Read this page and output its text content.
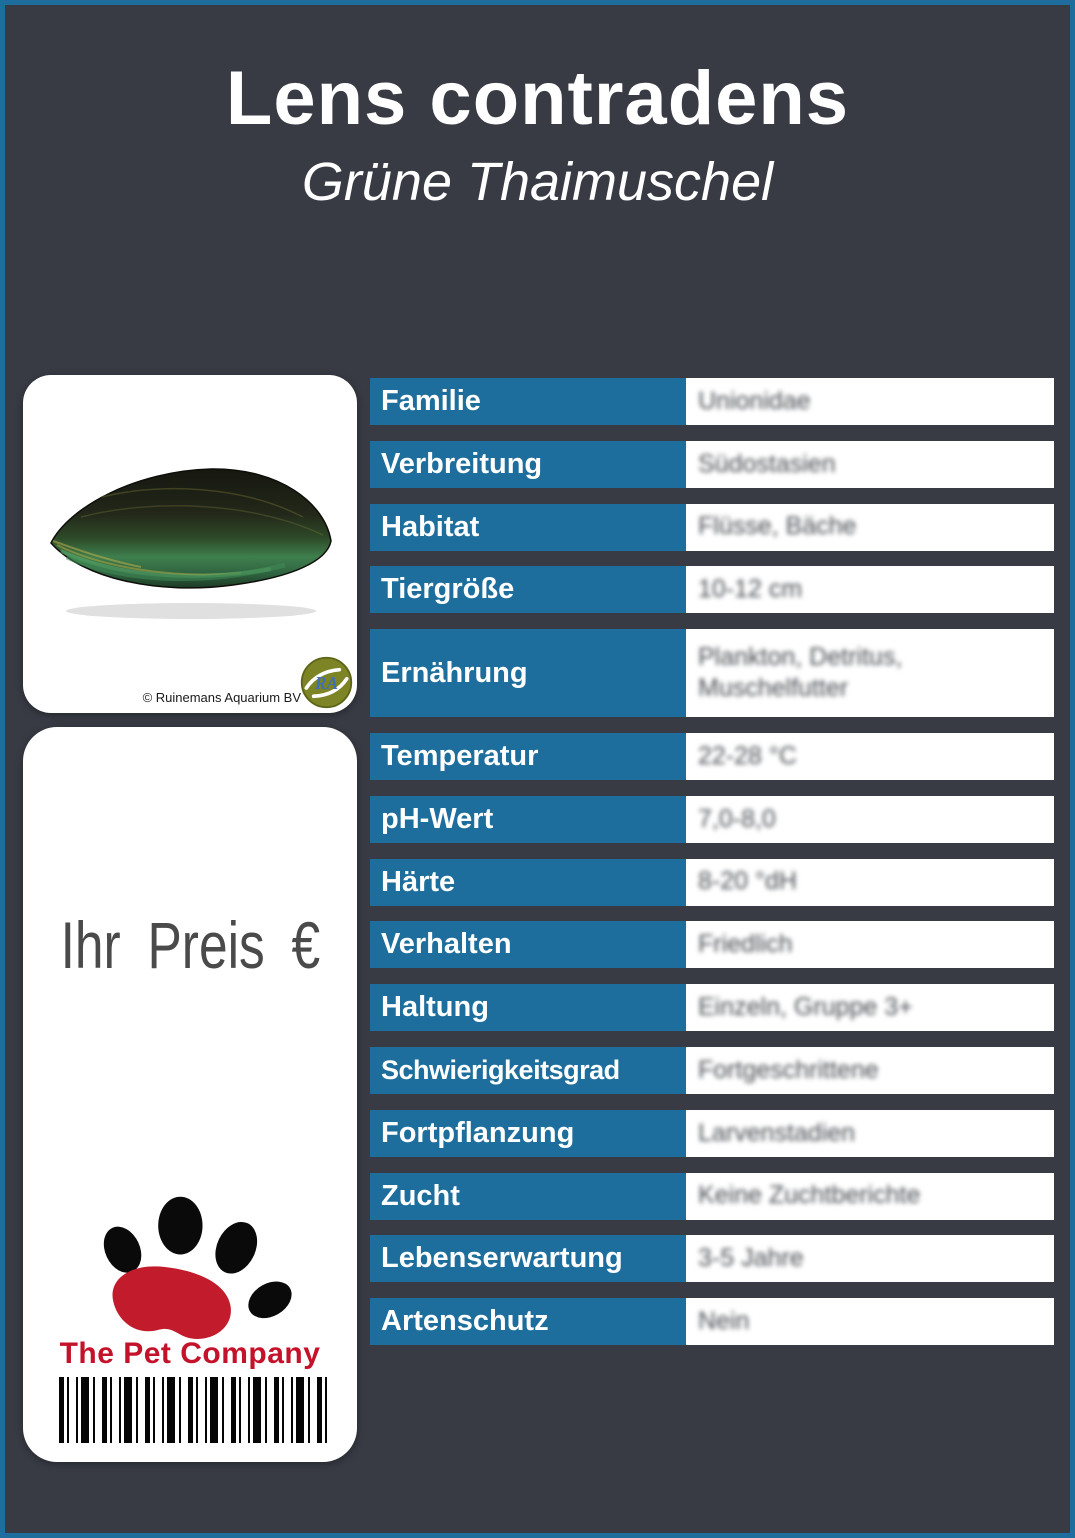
Lens contradens
Grüne Thaimuschel
© Ruinemans Aquarium BV
RA
Ihr Preis €
The Pet Company
Familie	Unionidae
Verbreitung	Südostasien
Habitat	Flüsse, Bäche
Tiergröße	10-12 cm
Ernährung	Plankton, Detritus, Muschelfutter
Temperatur	22-28 °C
pH-Wert	7,0-8,0
Härte	8-20 °dH
Verhalten	Friedlich
Haltung	Einzeln, Gruppe 3+
Schwierigkeitsgrad	Fortgeschrittene
Fortpflanzung	Larvenstadien
Zucht	Keine Zuchtberichte
Lebenserwartung	3-5 Jahre
Artenschutz	Nein
